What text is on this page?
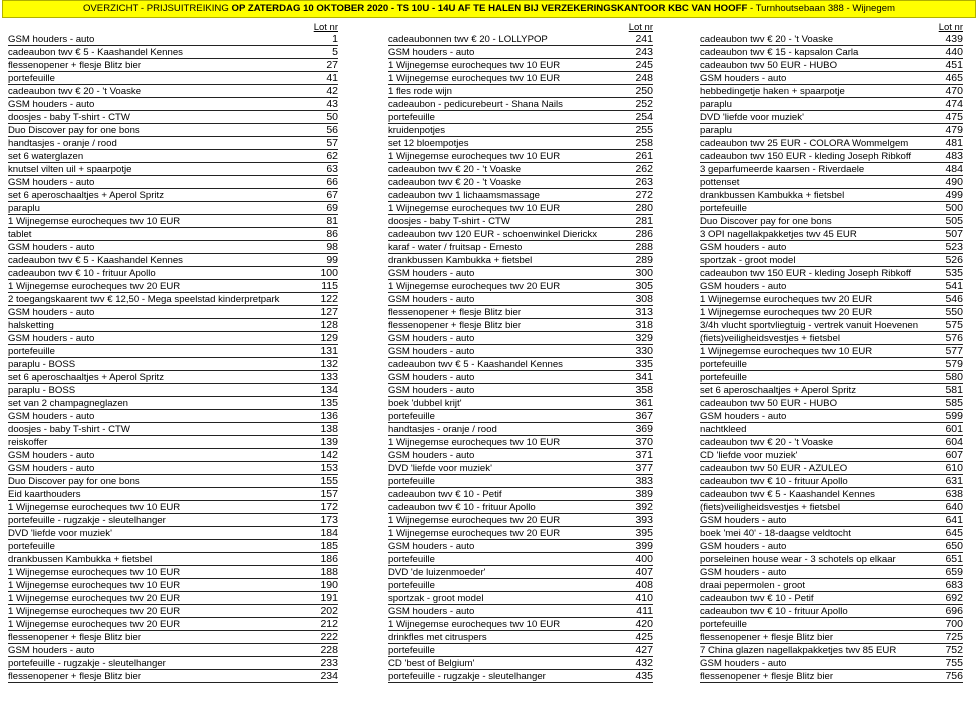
OVERZICHT - PRIJSUITREIKING OP ZATERDAG 10 OKTOBER 2020 - TS 10U - 14U AF TE HALEN BIJ VERZEKERINGSKANTOOR KBC VAN HOOFF - Turnhoutsebaan 388 - Wijnegem
Lot nr
GSM houders - auto	1
cadeaubon twv € 5 - Kaashandel Kennes	5
flessenopener + flesje Blitz bier	27
portefeuille	41
cadeaubon twv € 20 - 't Voaske	42
GSM houders - auto	43
doosjes - baby T-shirt - CTW	50
Duo Discover pay for one bons	56
handtasjes - oranje / rood	57
set 6 waterglazen	62
knutsel vilten uil + spaarpotje	63
GSM houders - auto	66
set 6 aperoschaaltjes + Aperol Spritz	67
paraplu	69
1 Wijnegemse eurocheques twv 10 EUR	81
tablet	86
GSM houders - auto	98
cadeaubon twv € 5 - Kaashandel Kennes	99
cadeaubon twv € 10 - frituur Apollo	100
1 Wijnegemse eurocheques twv 20 EUR	115
2 toegangskaarent twv € 12,50 - Mega speelstad kinderpretpark	122
GSM houders - auto	127
halsketting	128
GSM houders - auto	129
portefeuille	131
paraplu - BOSS	132
set 6 aperoschaaltjes + Aperol Spritz	133
paraplu - BOSS	134
set van 2 champagneglazen	135
GSM houders - auto	136
doosjes - baby T-shirt - CTW	138
reiskoffer	139
GSM houders - auto	142
GSM houders - auto	153
Duo Discover pay for one bons	155
Eid kaarthouders	157
1 Wijnegemse eurocheques twv 10 EUR	172
portefeuille - rugzakje - sleutelhanger	173
DVD 'liefde voor muziek'	184
portefeuille	185
drankbussen Kambukka + fietsbel	186
1 Wijnegemse eurocheques twv 10 EUR	188
1 Wijnegemse eurocheques twv 10 EUR	190
1 Wijnegemse eurocheques twv 20 EUR	191
1 Wijnegemse eurocheques twv 20 EUR	202
1 Wijnegemse eurocheques twv 20 EUR	212
flessenopener + flesje Blitz bier	222
GSM houders - auto	228
portefeuille - rugzakje - sleutelhanger	233
flessenopener + flesje Blitz bier	234
Lot nr
cadeaubonnen twv € 20 - LOLLYPOP	241
GSM houders - auto	243
1 Wijnegemse eurocheques twv 10 EUR	245
1 Wijnegemse eurocheques twv 10 EUR	248
1 fles rode wijn	250
cadeaubon - pedicurebeurt - Shana Nails	252
portefeuille	254
kruidenpotjes	255
set 12 bloempotjes	258
1 Wijnegemse eurocheques twv 10 EUR	261
cadeaubon twv € 20 - 't Voaske	262
cadeaubon twv € 20 - 't Voaske	263
cadeaubon twv 1 lichaamsmassage	272
1 Wijnegemse eurocheques twv 10 EUR	280
doosjes - baby T-shirt - CTW	281
cadeaubon twv 120 EUR - schoenwinkel Dierickx	286
karaf - water / fruitsap - Ernesto	288
drankbussen Kambukka + fietsbel	289
GSM houders - auto	300
1 Wijnegemse eurocheques twv 20 EUR	305
GSM houders - auto	308
flessenopener + flesje Blitz bier	313
flessenopener + flesje Blitz bier	318
GSM houders - auto	329
GSM houders - auto	330
cadeaubon twv € 5 - Kaashandel Kennes	335
GSM houders - auto	341
GSM houders - auto	358
boek 'dubbel krijt'	361
portefeuille	367
handtasjes - oranje / rood	369
1 Wijnegemse eurocheques twv 10 EUR	370
GSM houders - auto	371
DVD 'liefde voor muziek'	377
portefeuille	383
cadeaubon twv € 10 - Petif	389
cadeaubon twv € 10 - frituur Apollo	392
1 Wijnegemse eurocheques twv 20 EUR	393
1 Wijnegemse eurocheques twv 20 EUR	395
GSM houders - auto	399
portefeuille	400
DVD 'de luizenmoeder'	407
portefeuille	408
sportzak - groot model	410
GSM houders - auto	411
1 Wijnegemse eurocheques twv 10 EUR	420
drinkfles met citruspers	425
portefeuille	427
CD 'best of Belgium'	432
portefeuille - rugzakje - sleutelhanger	435
Lot nr
cadeaubon twv € 20 - 't Voaske	439
cadeaubon twv € 15 - kapsalon Carla	440
cadeaubon twv 50 EUR - HUBO	451
GSM houders - auto	465
hebbedingetje haken + spaarpotje	470
paraplu	474
DVD 'liefde voor muziek'	475
paraplu	479
cadeaubon twv 25 EUR - COLORA Wommelgem	481
cadeaubon twv 150 EUR - kleding Joseph Ribkoff	483
3 geparfumeerde kaarsen - Riverdaele	484
pottenset	490
drankbussen Kambukka + fietsbel	499
portefeuille	500
Duo Discover pay for one bons	505
3 OPI nagellakpakketjes twv 45 EUR	507
GSM houders - auto	523
sportzak - groot model	526
cadeaubon twv 150 EUR - kleding Joseph Ribkoff	535
GSM houders - auto	541
1 Wijnegemse eurocheques twv 20 EUR	546
1 Wijnegemse eurocheques twv 20 EUR	550
3/4h vlucht sportvliegtuig - vertrek vanuit Hoevenen	575
(fiets)veiligheidsvestjes + fietsbel	576
1 Wijnegemse eurocheques twv 10 EUR	577
portefeuille	579
portefeuille	580
set 6 aperoschaaltjes + Aperol Spritz	581
cadeaubon twv 50 EUR - HUBO	585
GSM houders - auto	599
nachtkleed	601
cadeaubon twv € 20 - 't Voaske	604
CD 'liefde voor muziek'	607
cadeaubon twv 50 EUR - AZULEO	610
cadeaubon twv € 10 - frituur Apollo	631
cadeaubon twv € 5 - Kaashandel Kennes	638
(fiets)veiligheidsvestjes + fietsbel	640
GSM houders - auto	641
boek 'mei 40' - 18-daagse veldtocht	645
GSM houders - auto	650
porseleinen house wear - 3 schotels op elkaar	651
GSM houders - auto	659
draai pepermolen - groot	683
cadeaubon twv € 10 - Petif	692
cadeaubon twv € 10 - frituur Apollo	696
portefeuille	700
flessenopener + flesje Blitz bier	725
7 China glazen nagellakpakketjes twv 85 EUR	752
GSM houders - auto	755
flessenopener + flesje Blitz bier	756
